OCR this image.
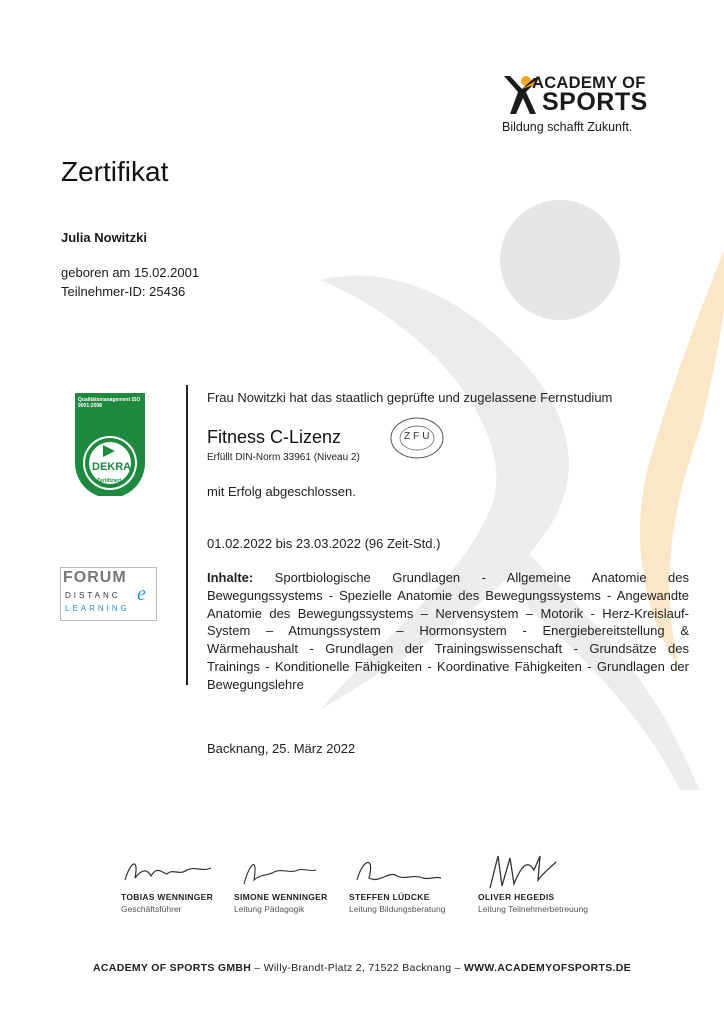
ACADEMY OF
SPORTS
Bildung schafft Zukunft.
Zertifikat
Julia Nowitzki
geboren am 15.02.2001
Teilnehmer-ID: 25436
Qualitätsmanagement ISO 9001:2008
DEKRA
Zertifiziert
FORUM
DISTANC e
LEARNING
Frau Nowitzki hat das staatlich geprüfte und zugelassene Fernstudium
Fitness C-Lizenz
Erfüllt DIN-Norm 33961 (Niveau 2)
ZFU
mit Erfolg abgeschlossen.
01.02.2022 bis 23.03.2022 (96 Zeit-Std.)
Inhalte: Sportbiologische Grundlagen - Allgemeine Anatomie des Bewegungssystems - Spezielle Anatomie des Bewegungssystems - Angewandte Anatomie des Bewegungssystems – Nervensystem – Motorik - Herz-Kreislauf-System – Atmungssystem – Hormonsystem - Energiebereitstellung & Wärmehaushalt - Grundlagen der Trainingswissenschaft - Grundsätze des Trainings - Konditionelle Fähigkeiten - Koordinative Fähigkeiten - Grundlagen der Bewegungslehre
Backnang, 25. März 2022
TOBIAS WENNINGER
Geschäftsführer
SIMONE WENNINGER
Leitung Pädagogik
STEFFEN LÜDCKE
Leitung Bildungsberatung
OLIVER HEGEDIS
Leitung Teilnehmerbetreuung
ACADEMY OF SPORTS GMBH – Willy-Brandt-Platz 2, 71522 Backnang – WWW.ACADEMYOFSPORTS.DE
